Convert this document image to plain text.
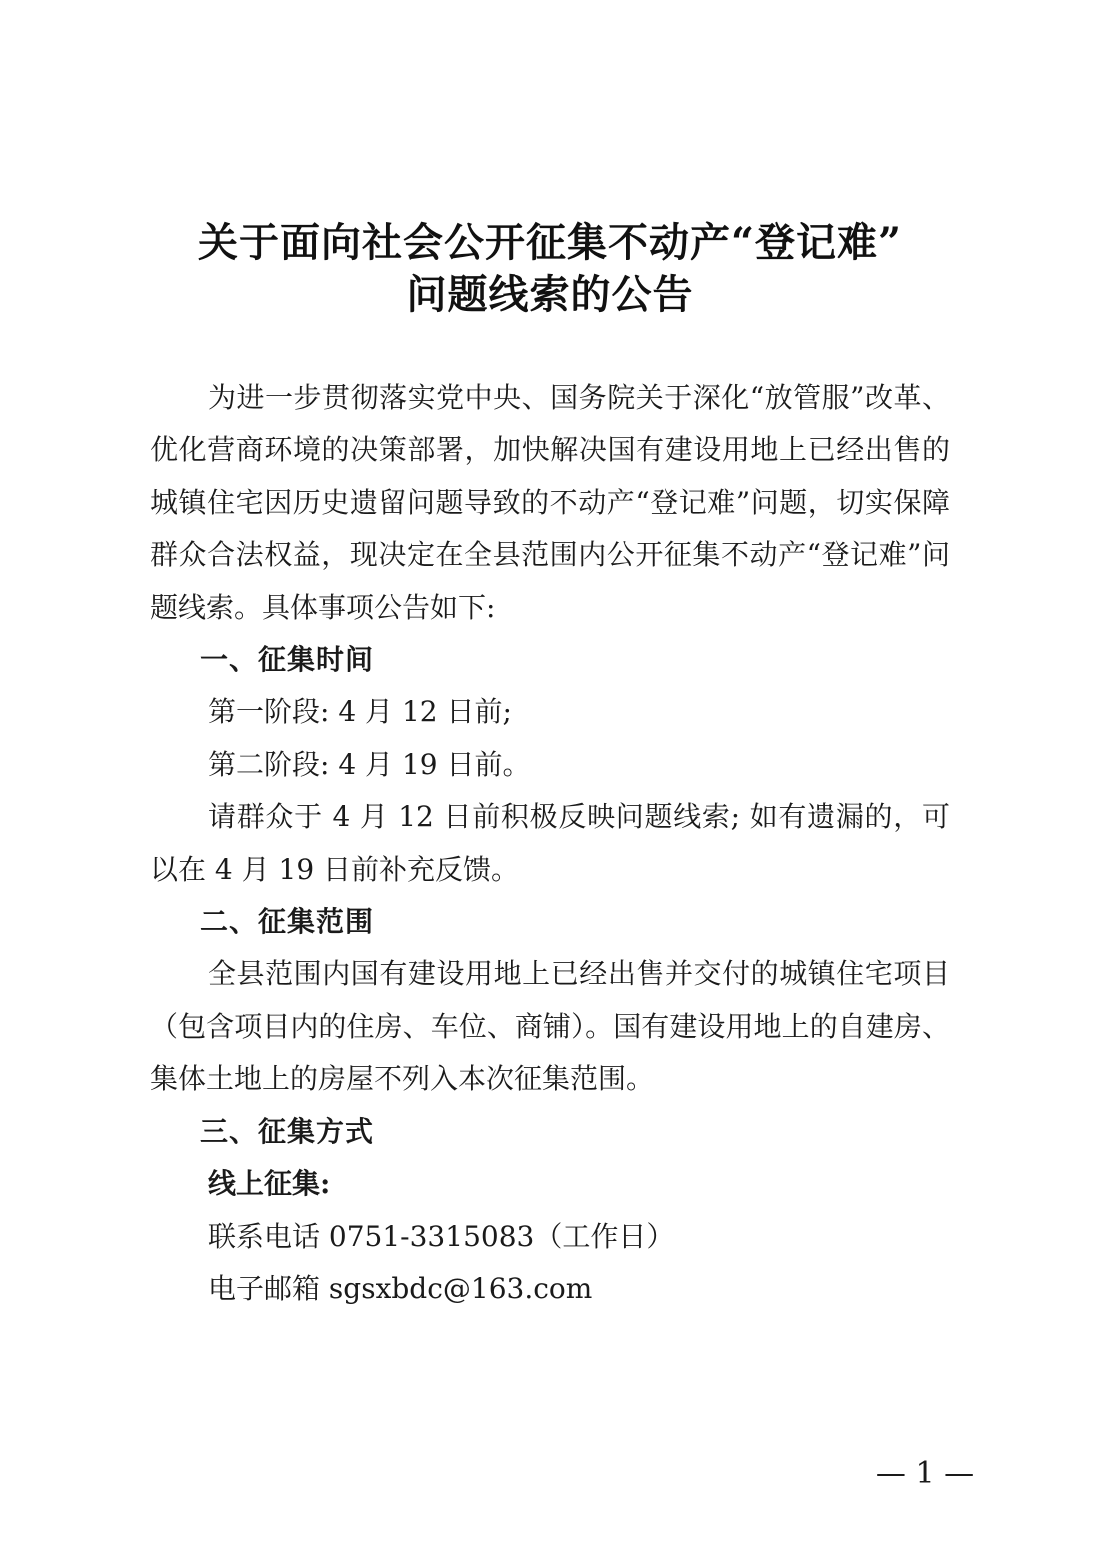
关于面向社会公开征集不动产“登记难”
问题线索的公告

为进一步贯彻落实党中央、国务院关于深化“放管服”改革、优化营商环境的决策部署，加快解决国有建设用地上已经出售的城镇住宅因历史遗留问题导致的不动产“登记难”问题，切实保障群众合法权益，现决定在全县范围内公开征集不动产“登记难”问题线索。具体事项公告如下:

一、征集时间

第一阶段: 4 月 12 日前;

第二阶段: 4 月 19 日前。

请群众于 4 月 12 日前积极反映问题线索; 如有遗漏的，可以在 4 月 19 日前补充反馈。

二、征集范围

全县范围内国有建设用地上已经出售并交付的城镇住宅项目（包含项目内的住房、车位、商铺）。国有建设用地上的自建房、集体土地上的房屋不列入本次征集范围。

三、征集方式

线上征集:

联系电话 0751-3315083（工作日）

电子邮箱 sgsxbdc@163.com

— 1 —
